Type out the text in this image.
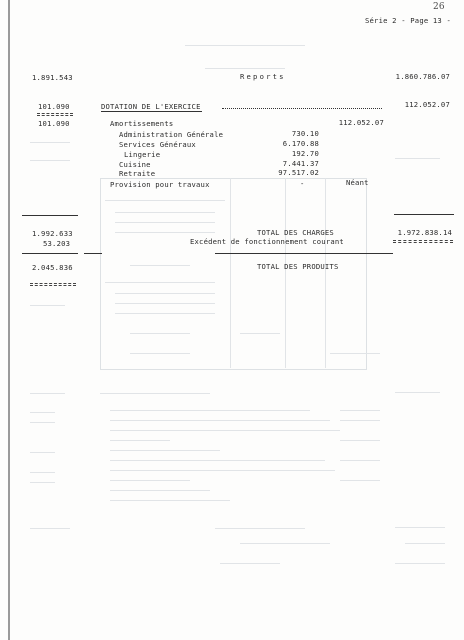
26
Série 2 - Page 13 -
1.891.543	Reports	1.860.786.07
101.090
101.090
DOTATION DE L'EXERCICE	112.052.07
Amortissements	112.052.07
Administration Générale	730.10
Services Généraux	6.170.88
Lingerie	192.70
Cuisine	7.441.37
Retraite	97.517.02
Provision pour travaux	-	Néant
1.992.633	TOTAL DES CHARGES	1.972.838.14
53.203	Excédent de fonctionnement courant
2.045.836	TOTAL DES PRODUITS
